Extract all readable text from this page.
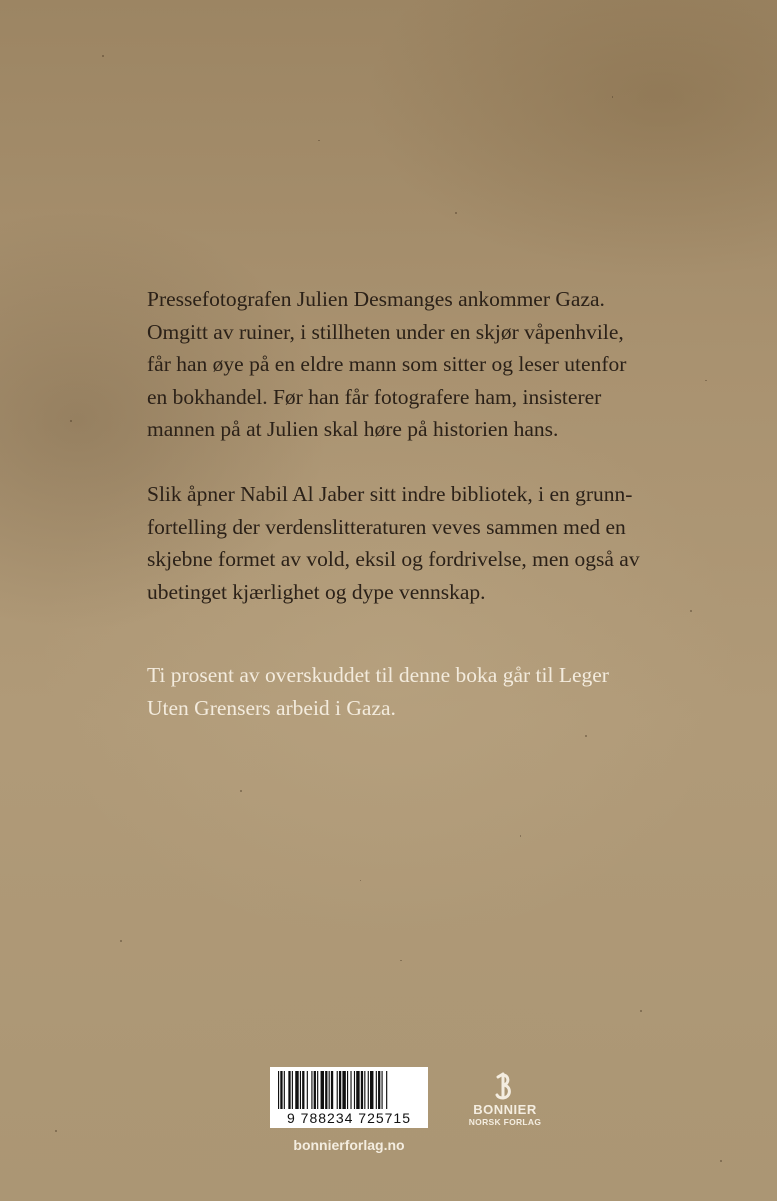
Pressefotografen Julien Desmanges ankommer Gaza.
Omgitt av ruiner, i stillheten under en skjør våpenhvile,
får han øye på en eldre mann som sitter og leser utenfor
en bokhandel. Før han får fotografere ham, insisterer
mannen på at Julien skal høre på historien hans.

Slik åpner Nabil Al Jaber sitt indre bibliotek, i en grunn-
fortelling der verdenslitteraturen veves sammen med en
skjebne formet av vold, eksil og fordrivelse, men også av
ubetinget kjærlighet og dype vennskap.

Ti prosent av overskuddet til denne boka går til Leger
Uten Grensers arbeid i Gaza.

9 788234 725715
bonnierforlag.no
BONNIER
NORSK FORLAG
